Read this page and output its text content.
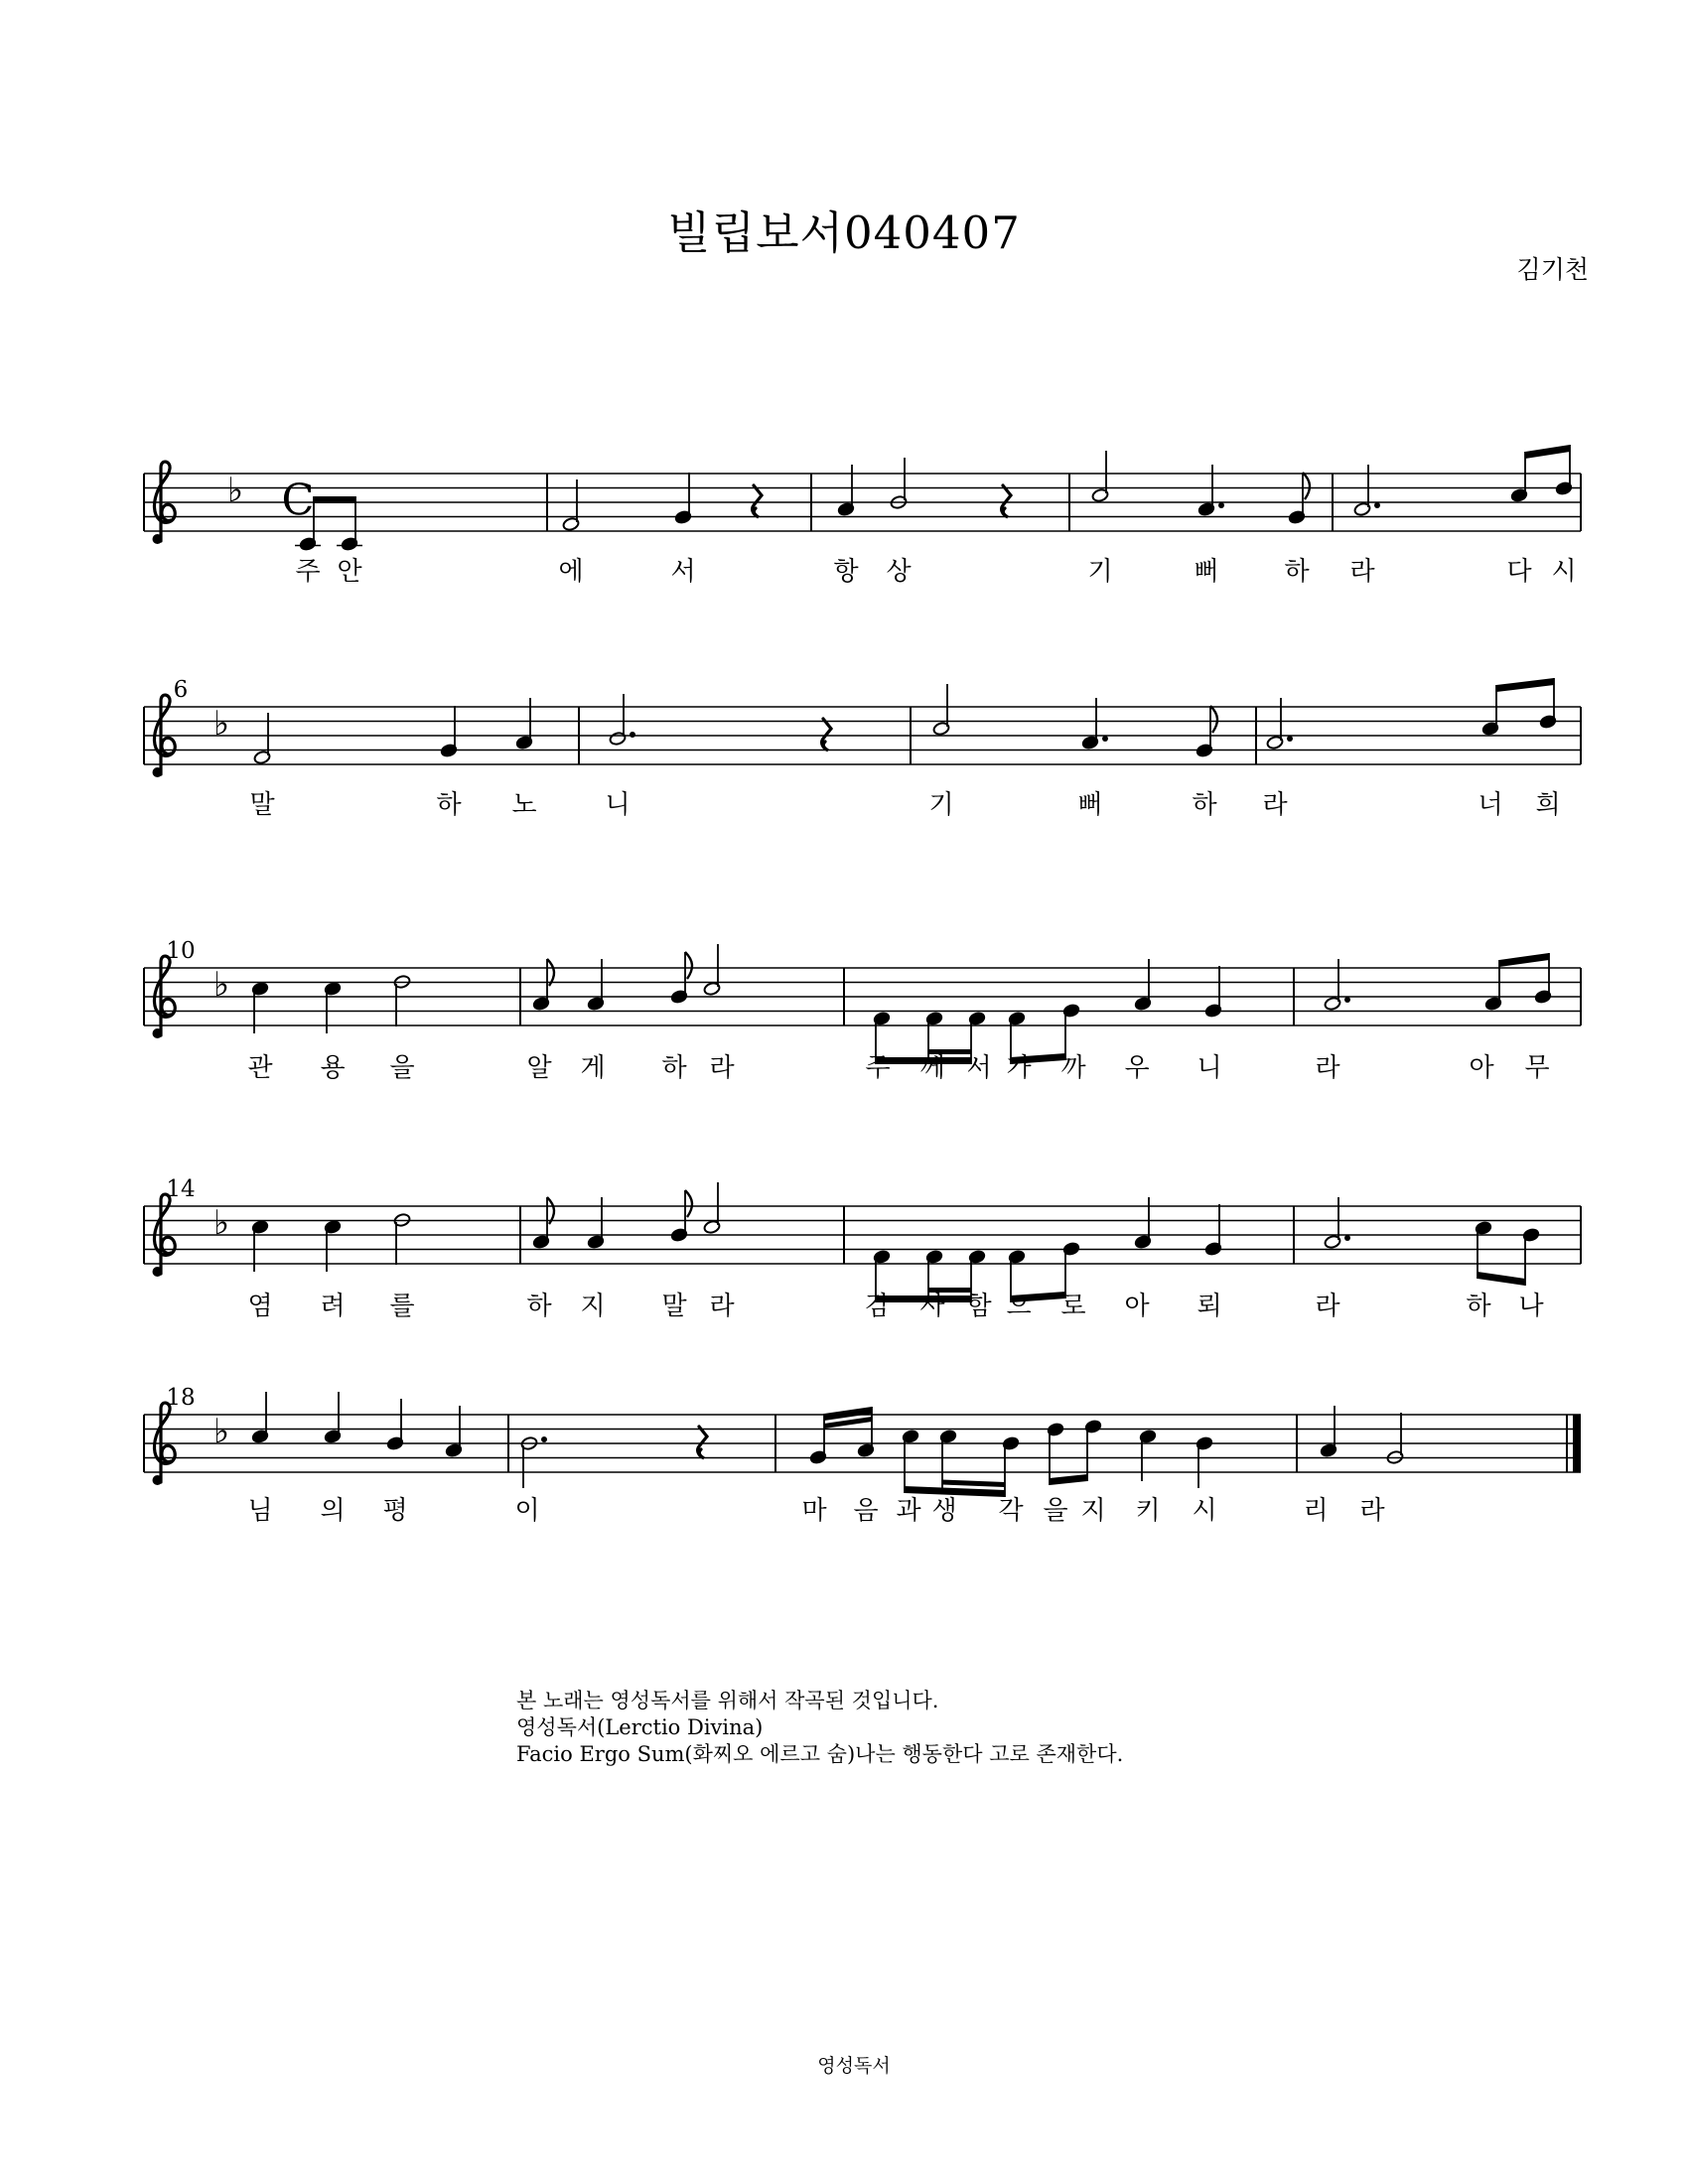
빌립보서040407
김기천
♭ C
주 안	에	서	항 상	기	뻐	하 라	다 시
6
♭
말	하 노	니	기	뻐	하 라	너 희
10
♭
관 용 을	알 게 하 라	주 께 서 가 까 우 니	라	아 무
14
♭
염 려 를	하 지 말 라	감 사 함 으 로 아 뢰	라	하 나
18
♭
님 의 평	이	마 음 과 생 각 을 지 키 시	리 라
본 노래는 영성독서를 위해서 작곡된 것입니다.
영성독서(Lerctio Divina)
Facio Ergo Sum(화찌오 에르고 숨)나는 행동한다 고로 존재한다.
영성독서
